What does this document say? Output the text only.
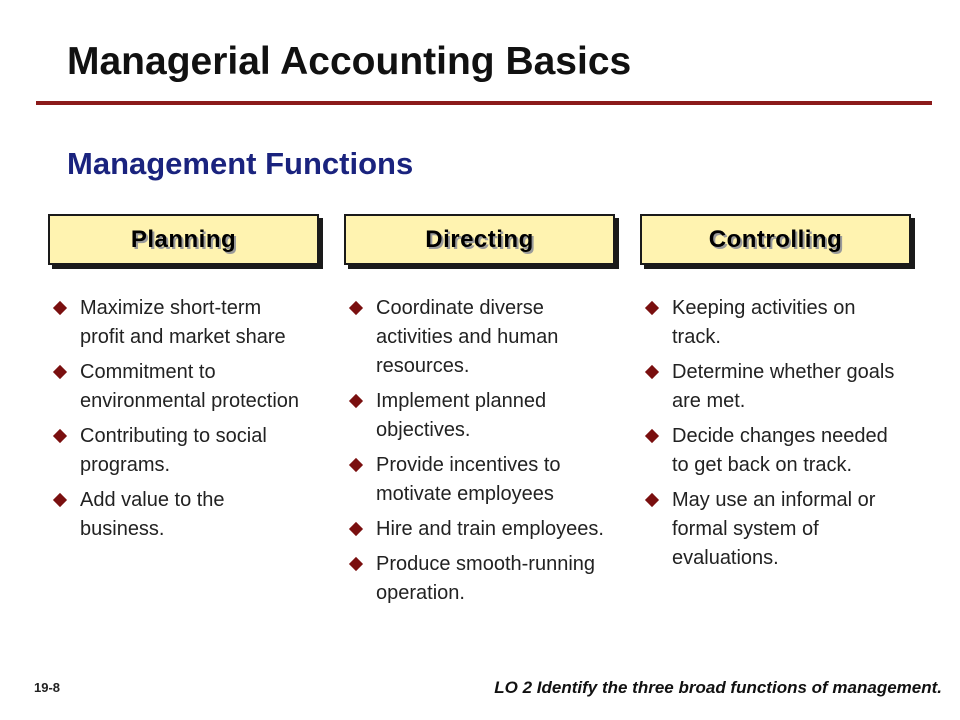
Managerial Accounting Basics
Management Functions
Planning	Directing	Controlling
Maximize short-term profit and market share
Commitment to environmental protection
Contributing to social programs.
Add value to the business.
Coordinate diverse activities and human resources.
Implement planned objectives.
Provide incentives to motivate employees
Hire and train employees.
Produce smooth-running operation.
Keeping activities on track.
Determine whether goals are met.
Decide changes needed to get back on track.
May use an informal or formal system of evaluations.
19-8	LO 2 Identify the three broad functions of management.
